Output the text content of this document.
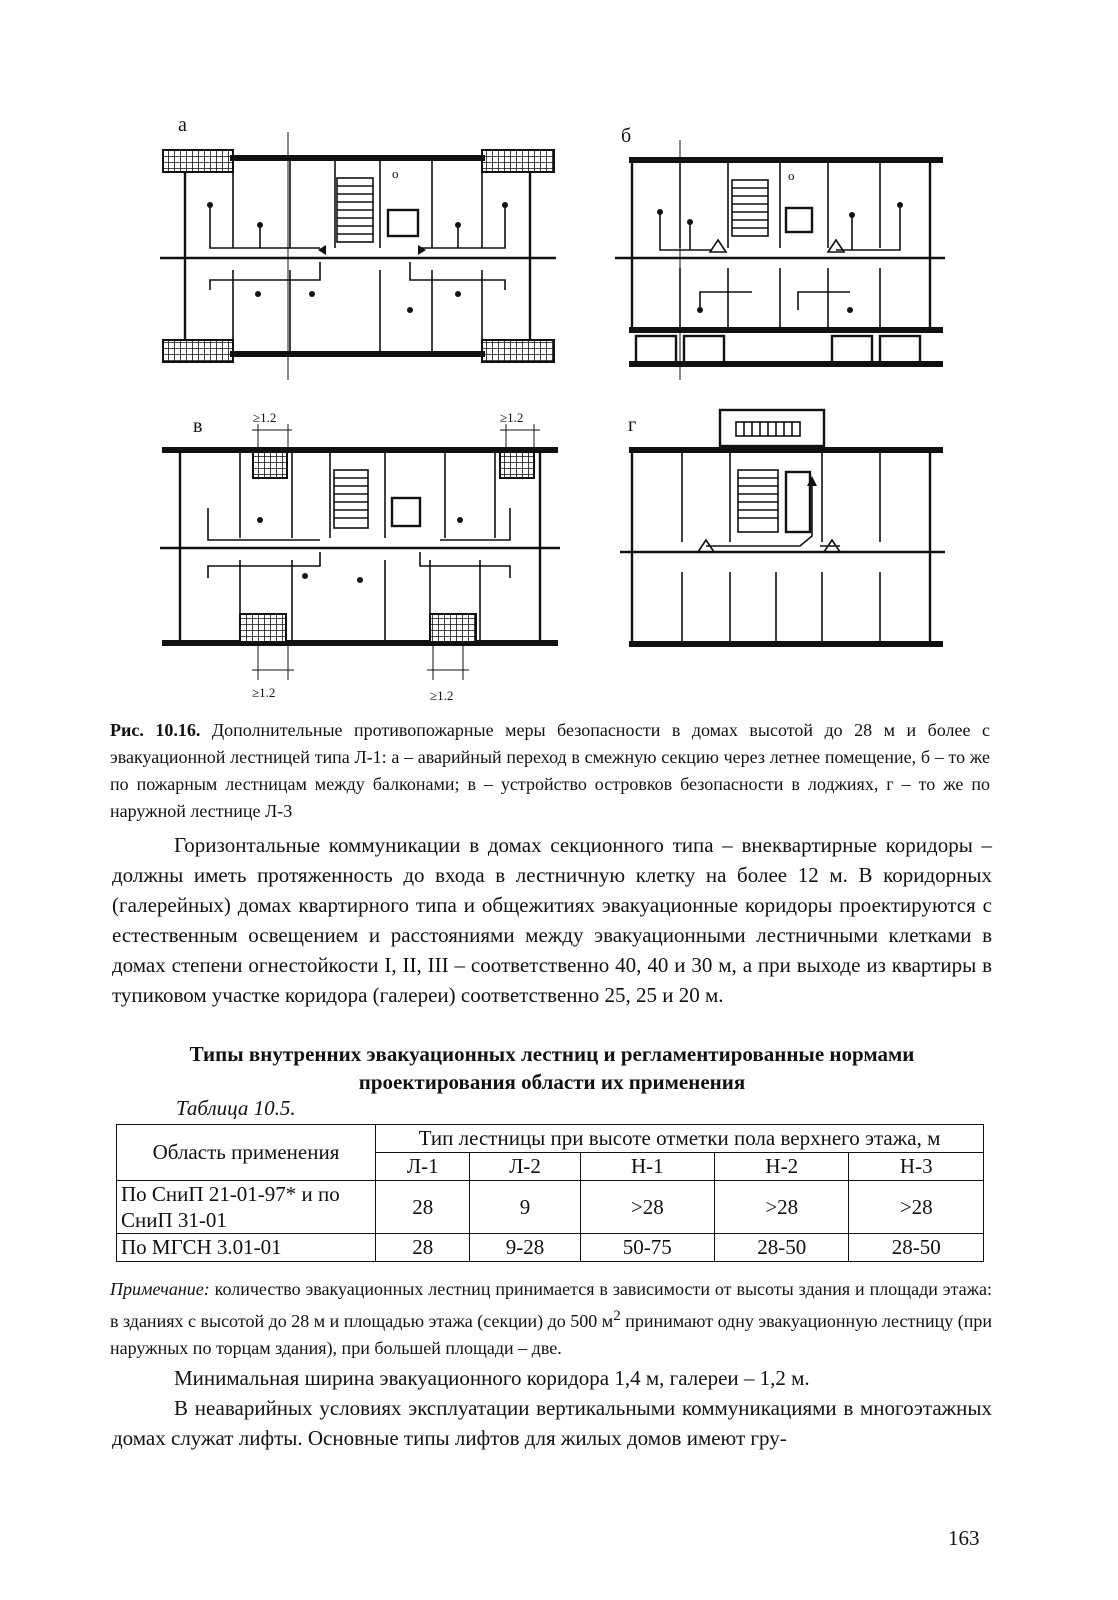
а
о
б
о
в	≥1.2	≥1.2
≥1.2	≥1.2
г
Рис. 10.16. Дополнительные противопожарные меры безопасности в домах высотой до 28 м и более с эвакуационной лестницей типа Л-1: а – аварийный переход в смежную секцию через летнее помещение, б – то же по пожарным лестницам между балконами; в – устройство островков безопасности в лоджиях, г – то же по наружной лестнице Л-3
Горизонтальные коммуникации в домах секционного типа – внеквартирные коридоры – должны иметь протяженность до входа в лестничную клетку на более 12 м. В коридорных (галерейных) домах квартирного типа и общежитиях эвакуационные коридоры проектируются с естественным освещением и расстояниями между эвакуационными лестничными клетками в домах степени огнестойкости I, II, III – соответственно 40, 40 и 30 м, а при выходе из квартиры в тупиковом участке коридора (галереи) соответственно 25, 25 и 20 м.
Типы внутренних эвакуационных лестниц и регламентированные нормами проектирования области их применения
Таблица 10.5.
Область применения	Тип лестницы при высоте отметки пола верхнего этажа, м				
	Л-1	Л-2	Н-1	Н-2	Н-3
По СниП 21-01-97* и по СниП 31-01	28	9	>28	>28	>28
По МГСН 3.01-01	28	9-28	50-75	28-50	28-50
Примечание: количество эвакуационных лестниц принимается в зависимости от высоты здания и площади этажа: в зданиях с высотой до 28 м и площадью этажа (секции) до 500 $м^2$ принимают одну эвакуационную лестницу (при наружных по торцам здания), при большей площади – две.
Минимальная ширина эвакуационного коридора 1,4 м, галереи – 1,2 м.
В неаварийных условиях эксплуатации вертикальными коммуникациями в многоэтажных домах служат лифты. Основные типы лифтов для жилых домов имеют гру-
163
